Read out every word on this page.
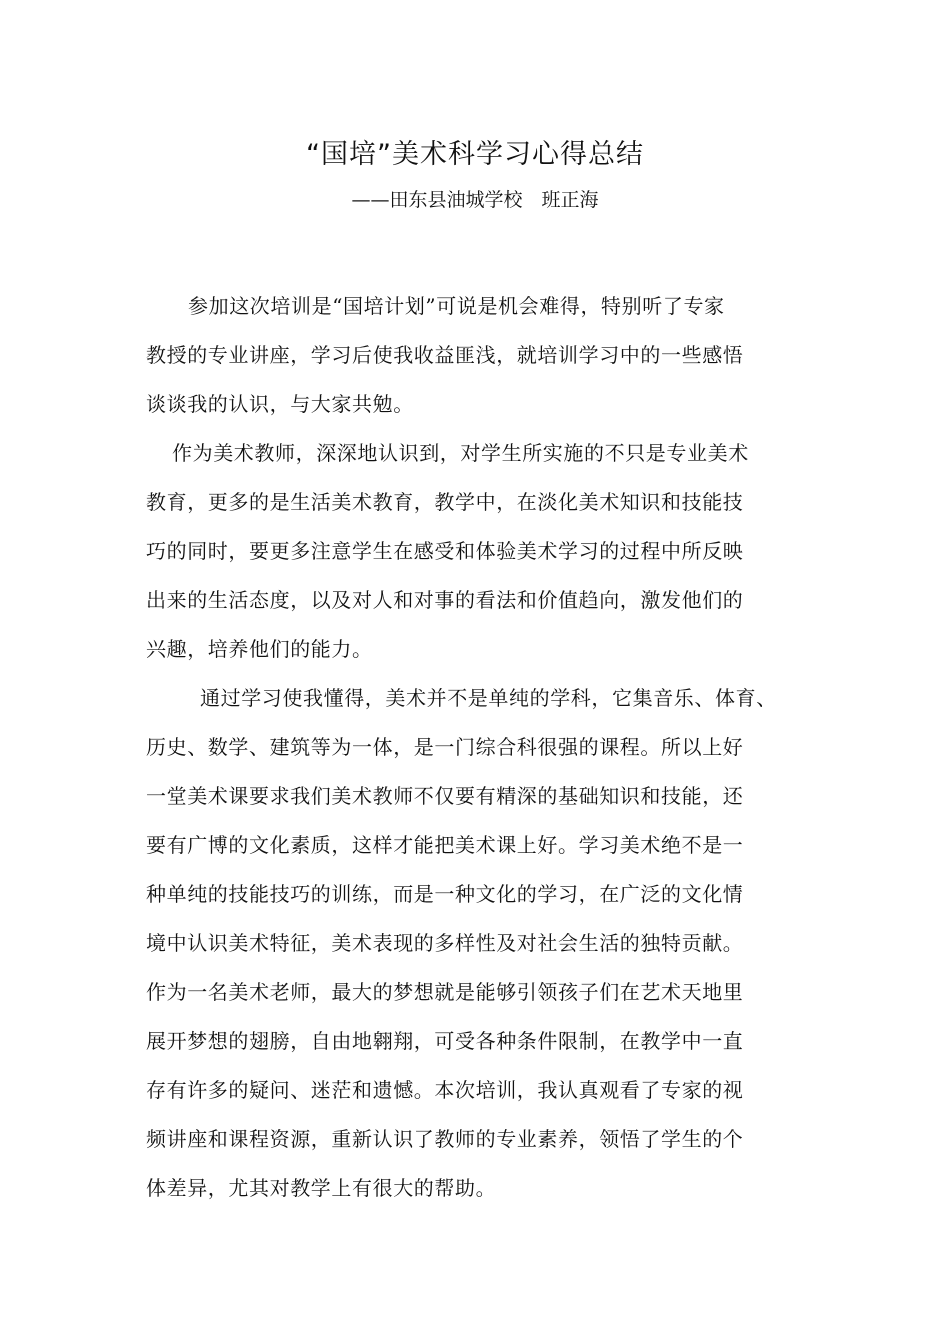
“国培”美术科学习心得总结
——田东县油城学校　班正海
参加这次培训是“国培计划”可说是机会难得，特别听了专家
教授的专业讲座，学习后使我收益匪浅，就培训学习中的一些感悟
谈谈我的认识，与大家共勉。
作为美术教师，深深地认识到，对学生所实施的不只是专业美术
教育，更多的是生活美术教育，教学中，在淡化美术知识和技能技
巧的同时，要更多注意学生在感受和体验美术学习的过程中所反映
出来的生活态度，以及对人和对事的看法和价值趋向，激发他们的
兴趣，培养他们的能力。
通过学习使我懂得，美术并不是单纯的学科，它集音乐、体育、
历史、数学、建筑等为一体，是一门综合科很强的课程。所以上好
一堂美术课要求我们美术教师不仅要有精深的基础知识和技能，还
要有广博的文化素质，这样才能把美术课上好。学习美术绝不是一
种单纯的技能技巧的训练，而是一种文化的学习，在广泛的文化情
境中认识美术特征，美术表现的多样性及对社会生活的独特贡献。
作为一名美术老师，最大的梦想就是能够引领孩子们在艺术天地里
展开梦想的翅膀，自由地翱翔，可受各种条件限制，在教学中一直
存有许多的疑问、迷茫和遗憾。本次培训，我认真观看了专家的视
频讲座和课程资源，重新认识了教师的专业素养，领悟了学生的个
体差异，尤其对教学上有很大的帮助。
